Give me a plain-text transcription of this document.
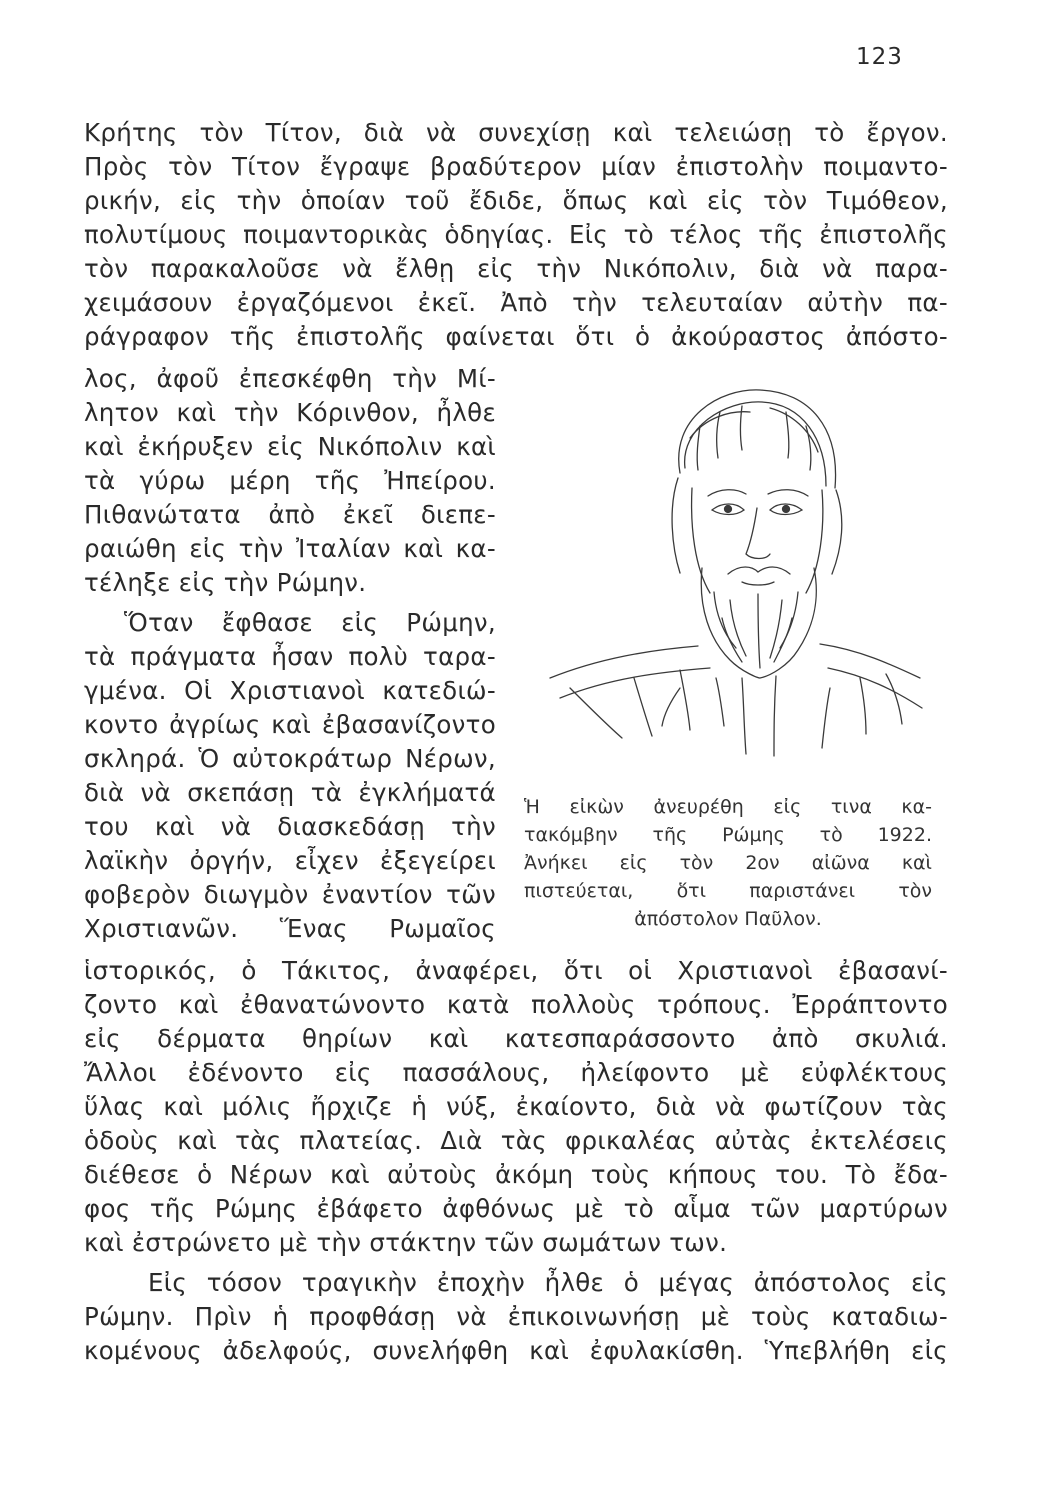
123
Κρήτης τὸν Τίτον, διὰ νὰ συνεχίσῃ καὶ τελειώσῃ τὸ ἔργον.
Πρὸς τὸν Τίτον ἔγραψε βραδύτερον μίαν ἐπιστολὴν ποιμαντο-
ρικήν, εἰς τὴν ὁποίαν τοῦ ἔδιδε, ὅπως καὶ εἰς τὸν Τιμόθεον,
πολυτίμους ποιμαντορικὰς ὁδηγίας. Εἰς τὸ τέλος τῆς ἐπιστολῆς
τὸν παρακαλοῦσε νὰ ἔλθῃ εἰς τὴν Νικόπολιν, διὰ νὰ παρα-
χειμάσουν ἐργαζόμενοι ἐκεῖ. Ἀπὸ τὴν τελευταίαν αὐτὴν πα-
ράγραφον τῆς ἐπιστολῆς φαίνεται ὅτι ὁ ἀκούραστος ἀπόστο-
λος, ἀφοῦ ἐπεσκέφθη τὴν Μί-
λητον καὶ τὴν Κόρινθον, ἦλθε
καὶ ἐκήρυξεν εἰς Νικόπολιν καὶ
τὰ γύρω μέρη τῆς Ἠπείρου.
Πιθανώτατα ἀπὸ ἐκεῖ διεπε-
ραιώθη εἰς τὴν Ἰταλίαν καὶ κα-
τέληξε εἰς τὴν Ρώμην.
Ὅταν ἔφθασε εἰς Ρώμην,
τὰ πράγματα ἦσαν πολὺ ταρα-
γμένα. Οἱ Χριστιανοὶ κατεδιώ-
κοντο ἀγρίως καὶ ἐβασανίζοντο
σκληρά. Ὁ αὐτοκράτωρ Νέρων,
διὰ νὰ σκεπάσῃ τὰ ἐγκλήματά
του καὶ νὰ διασκεδάσῃ τὴν
λαϊκὴν ὀργήν, εἶχεν ἐξεγείρει
φοβερὸν διωγμὸν ἐναντίον τῶν
Χριστιανῶν. Ἕνας Ρωμαῖος
Ἡ εἰκὼν ἀνευρέθη εἰς τινα κα-
τακόμβην τῆς Ρώμης τὸ 1922.
Ἀνήκει εἰς τὸν 2ον αἰῶνα καὶ
πιστεύεται, ὅτι παριστάνει τὸν
ἀπόστολον Παῦλον.
ἱστορικός, ὁ Τάκιτος, ἀναφέρει, ὅτι οἱ Χριστιανοὶ ἐβασανί-
ζοντο καὶ ἐθανατώνοντο κατὰ πολλοὺς τρόπους. Ἐρράπτοντο
εἰς δέρματα θηρίων καὶ κατεσπαράσσοντο ἀπὸ σκυλιά.
Ἄλλοι ἐδένοντο εἰς πασσάλους, ἠλείφοντο μὲ εὐφλέκτους
ὕλας καὶ μόλις ἤρχιζε ἡ νύξ, ἐκαίοντο, διὰ νὰ φωτίζουν τὰς
ὁδοὺς καὶ τὰς πλατείας. Διὰ τὰς φρικαλέας αὐτὰς ἐκτελέσεις
διέθεσε ὁ Νέρων καὶ αὐτοὺς ἀκόμη τοὺς κήπους του. Τὸ ἔδα-
φος τῆς Ρώμης ἐβάφετο ἀφθόνως μὲ τὸ αἷμα τῶν μαρτύρων
καὶ ἐστρώνετο μὲ τὴν στάκτην τῶν σωμάτων των.
Εἰς τόσον τραγικὴν ἐποχὴν ἦλθε ὁ μέγας ἀπόστολος εἰς
Ρώμην. Πρὶν ἡ προφθάσῃ νὰ ἐπικοινωνήσῃ μὲ τοὺς καταδιω-
κομένους ἀδελφούς, συνελήφθη καὶ ἐφυλακίσθη. Ὑπεβλήθη εἰς
